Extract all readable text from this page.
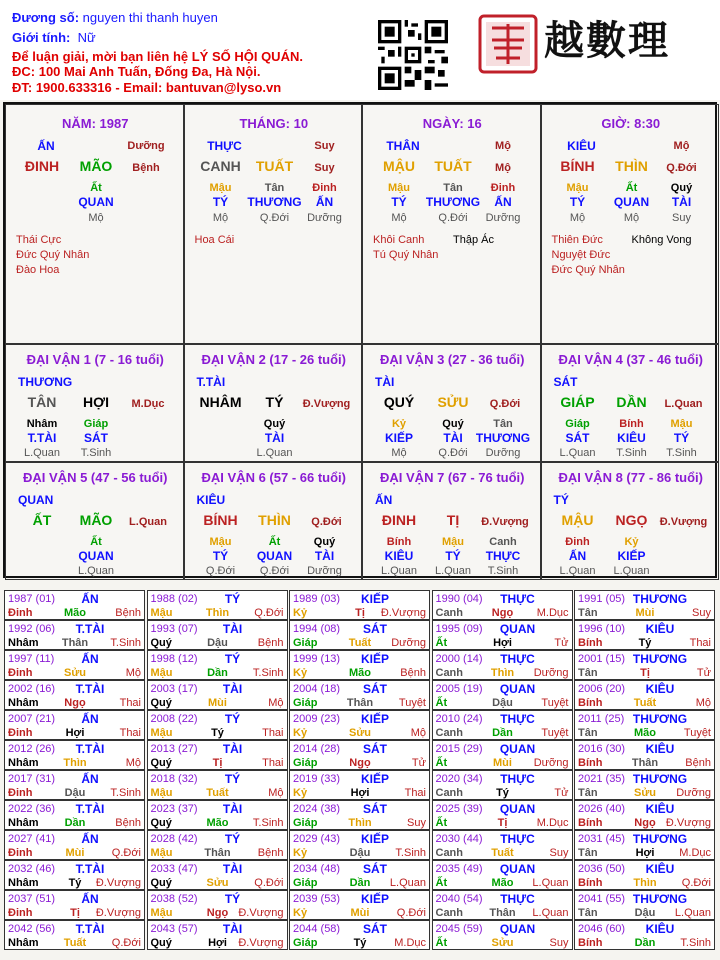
Đương số: nguyen thi thanh huyen
Giới tính: Nữ
Để luận giải, mời bạn liên hệ LÝ SỐ HỘI QUÁN.
ĐC: 100 Mai Anh Tuấn, Đống Đa, Hà Nội.
ĐT: 1900.633316 - Email: bantuvan@lyso.vn
越數理
NĂM: 1987
ẤN	Dưỡng
ĐINH MÃO Bệnh
Ất
QUAN
Mộ
Thái Cực
Đức Quý Nhân
Đào Hoa
THÁNG: 10
THỰC	Suy
CANH TUẤT Suy
Mậu
TÝ
Mộ
Tân
THƯƠNG
Q.Đới
Đinh
ẤN
Dưỡng
Hoa Cái
NGÀY: 16
THÂN	Mộ
MẬU TUẤT Mộ
Mậu
TÝ
Mộ
Tân
THƯƠNG
Q.Đới
Đinh
ẤN
Dưỡng
Khôi Canh
Tú Quý Nhân
Thập Ác
GIỜ: 8:30
KIÊU	Mộ
BÍNH THÌN Q.Đới
Mậu
TÝ
Mộ
Ất
QUAN
Mộ
Quý
TÀI
Suy
Thiên Đức
Nguyệt Đức
Đức Quý Nhân
Không Vong
ĐẠI VẬN 1 (7 - 16 tuổi)
THƯƠNG
TÂN HỢI M.Dục
Nhâm
T.TÀI
L.Quan
Giáp
SÁT
T.Sinh
ĐẠI VẬN 2 (17 - 26 tuổi)
T.TÀI
NHÂM TÝ Đ.Vượng
Quý
TÀI
L.Quan
ĐẠI VẬN 3 (27 - 36 tuổi)
TÀI
QUÝ SỬU Q.Đới
Kỷ
KIẾP
Mộ
Quý
TÀI
Q.Đới
Tân
THƯƠNG
Dưỡng
ĐẠI VẬN 4 (37 - 46 tuổi)
SÁT
GIÁP DẦN L.Quan
Giáp
SÁT
L.Quan
Bính
KIÊU
T.Sinh
Mậu
TÝ
T.Sinh
ĐẠI VẬN 5 (47 - 56 tuổi)
QUAN
ẤT MÃO L.Quan
Ất
QUAN
L.Quan
ĐẠI VẬN 6 (57 - 66 tuổi)
KIÊU
BÍNH THÌN Q.Đới
Mậu
TÝ
Q.Đới
Ất
QUAN
Q.Đới
Quý
TÀI
Dưỡng
ĐẠI VẬN 7 (67 - 76 tuổi)
ẤN
ĐINH TỊ Đ.Vượng
Bính
KIÊU
L.Quan
Mậu
TÝ
L.Quan
Canh
THỰC
T.Sinh
ĐẠI VẬN 8 (77 - 86 tuổi)
TÝ
MẬU NGỌ Đ.Vượng
Đinh
ẤN
L.Quan
Kỷ
KIẾP
L.Quan
1987 (01) ẤN
Đinh	Mão	Bệnh
1988 (02) TÝ
Mậu	Thìn Q.Đới
1989 (03) KIẾP
Kỷ	Tị Đ.Vượng
1990 (04) THỰC
Canh	Ngọ M.Dục
1991 (05) THƯƠNG
Tân	Mùi	Suy
1992 (06) T.TÀI
Nhâm Thân T.Sinh
1993 (07) TÀI
Quý	Dậu	Bệnh
1994 (08) SÁT
Giáp	Tuất Dưỡng
1995 (09) QUAN
Ất	Hợi	Tử
1996 (10) KIÊU
Bính	Tý	Thai
1997 (11) ẤN
Đinh	Sửu	Mộ
1998 (12) TÝ
Mậu	Dần T.Sinh
1999 (13) KIẾP
Kỷ	Mão	Bệnh
2000 (14) THỰC
Canh	Thìn Dưỡng
2001 (15) THƯƠNG
Tân	Tị	Tử
2002 (16) T.TÀI
Nhâm Ngọ	Thai
2003 (17) TÀI
Quý	Mùi	Mộ
2004 (18) SÁT
Giáp	Thân Tuyệt
2005 (19) QUAN
Ất	Dậu	Tuyệt
2006 (20) KIÊU
Bính	Tuất	Mộ
2007 (21) ẤN
Đinh	Hợi	Thai
2008 (22) TÝ
Mậu	Tý	Thai
2009 (23) KIẾP
Kỷ	Sửu	Mộ
2010 (24) THỰC
Canh	Dần	Tuyệt
2011 (25) THƯƠNG
Tân	Mão	Tuyệt
2012 (26) T.TÀI
Nhâm Thìn	Mộ
2013 (27) TÀI
Quý	Tị	Thai
2014 (28) SÁT
Giáp	Ngọ	Tử
2015 (29) QUAN
Ất	Mùi Dưỡng
2016 (30) KIÊU
Bính	Thân Bệnh
2017 (31) ẤN
Đinh	Dậu T.Sinh
2018 (32) TÝ
Mậu	Tuất	Mộ
2019 (33) KIẾP
Kỷ	Hợi	Thai
2020 (34) THỰC
Canh	Tý	Tử
2021 (35) THƯƠNG
Tân	Sửu Dưỡng
2022 (36) T.TÀI
Nhâm Dần	Bệnh
2023 (37) TÀI
Quý	Mão T.Sinh
2024 (38) SÁT
Giáp	Thìn	Suy
2025 (39) QUAN
Ất	Tị	M.Dục
2026 (40) KIÊU
Bính	Ngọ Đ.Vượng
2027 (41) ẤN
Đinh	Mùi Q.Đới
2028 (42) TÝ
Mậu	Thân Bệnh
2029 (43) KIẾP
Kỷ	Dậu T.Sinh
2030 (44) THỰC
Canh	Tuất	Suy
2031 (45) THƯƠNG
Tân	Hợi M.Dục
2032 (46) T.TÀI
Nhâm	Tý Đ.Vượng
2033 (47) TÀI
Quý	Sửu Q.Đới
2034 (48) SÁT
Giáp	Dần L.Quan
2035 (49) QUAN
Ất	Mão L.Quan
2036 (50) KIÊU
Bính	Thìn Q.Đới
2037 (51) ẤN
Đinh	Tị Đ.Vượng
2038 (52) TÝ
Mậu	Ngọ Đ.Vượng
2039 (53) KIẾP
Kỷ	Mùi Q.Đới
2040 (54) THỰC
Canh Thân L.Quan
2041 (55) THƯƠNG
Tân	Dậu L.Quan
2042 (56) T.TÀI
Nhâm Tuất Q.Đới
2043 (57) TÀI
Quý	Hợi Đ.Vượng
2044 (58) SÁT
Giáp	Tý	M.Dục
2045 (59) QUAN
Ất	Sửu	Suy
2046 (60) KIÊU
Bính	Dần T.Sinh
